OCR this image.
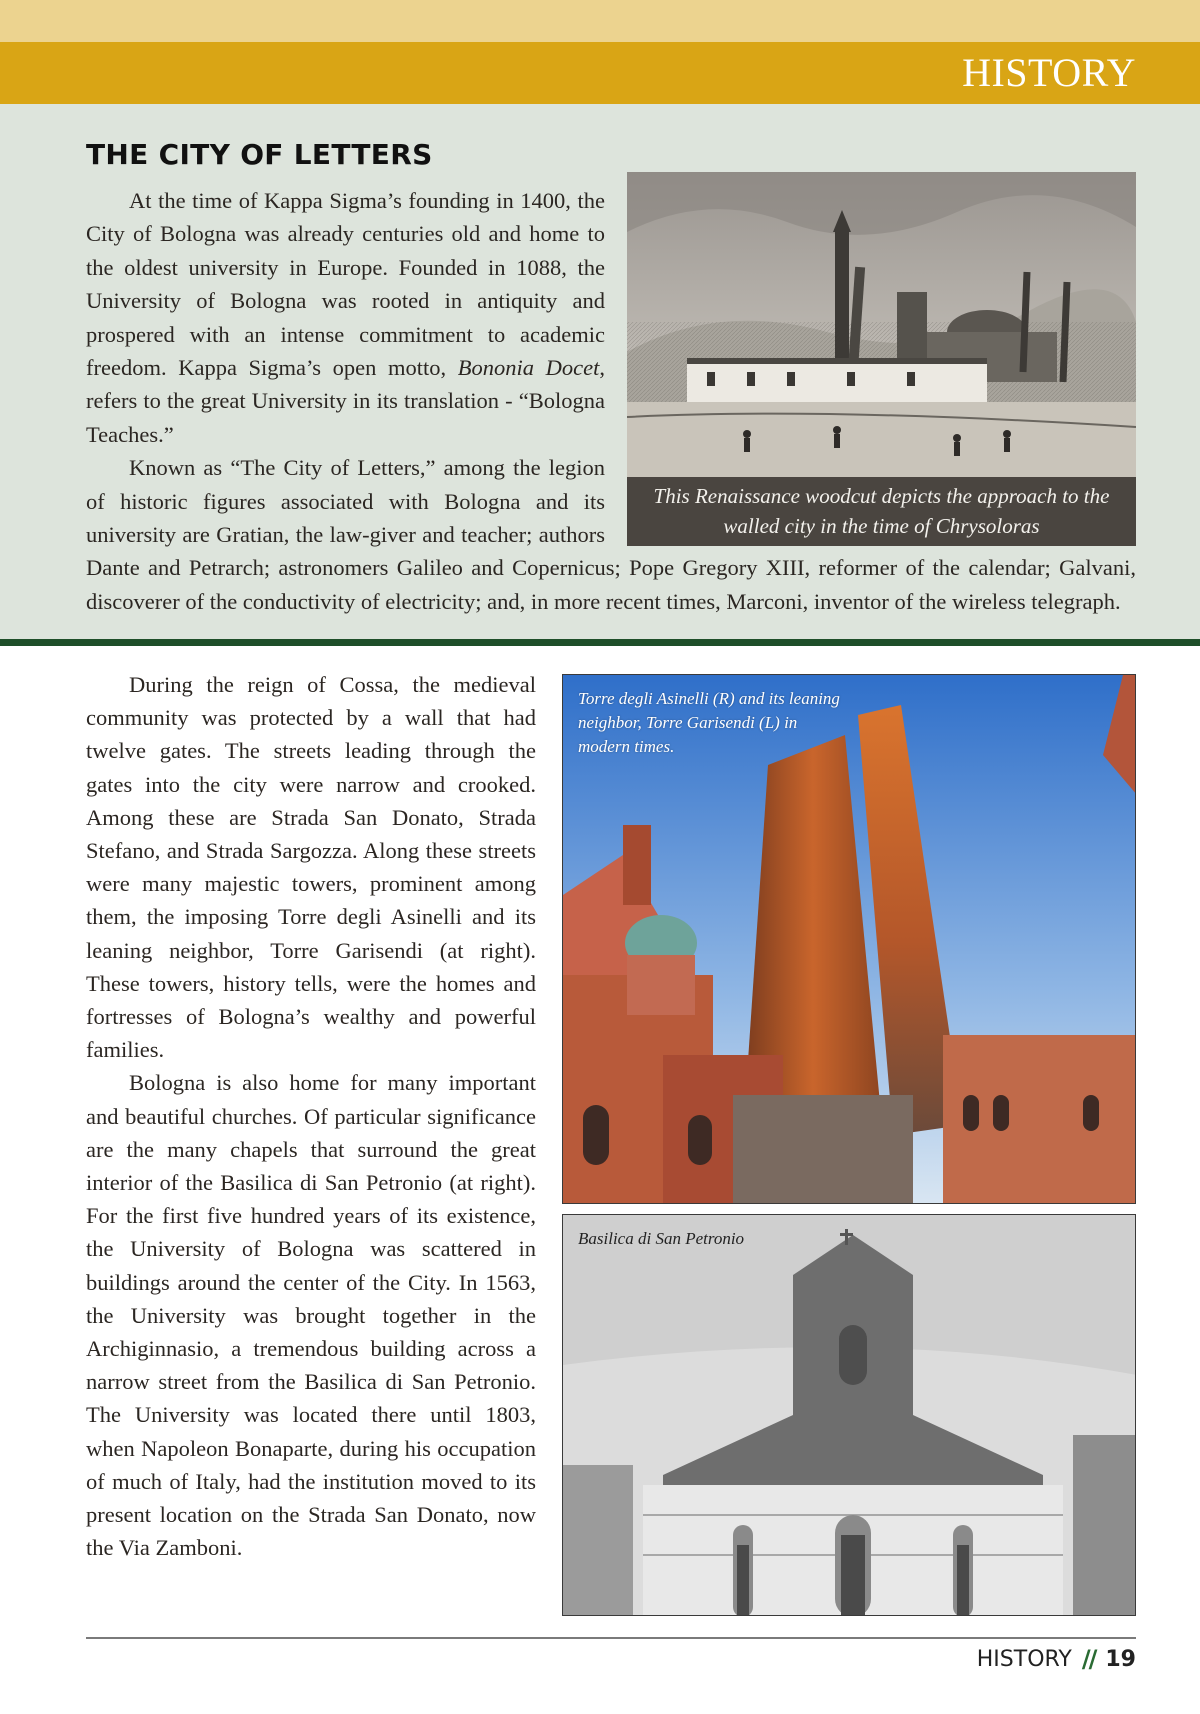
HISTORY
THE CITY OF LETTERS
This Renaissance woodcut depicts the approach to the walled city in the time of Chrysoloras

At the time of Kappa Sigma’s founding in 1400, the City of Bologna was already centuries old and home to the oldest university in Europe. Founded in 1088, the University of Bologna was rooted in antiquity and prospered with an intense commitment to academic freedom. Kappa Sigma’s open motto, Bononia Docet, refers to the great University in its translation - “Bologna Teaches.”

Known as “The City of Letters,” among the legion of historic figures associated with Bologna and its university are Gratian, the law-giver and teacher; authors Dante and Petrarch; astronomers Galileo and Copernicus; Pope Gregory XIII, reformer of the calendar; Galvani, discoverer of the conductivity of electricity; and, in more recent times, Marconi, inventor of the wireless telegraph.

During the reign of Cossa, the medieval community was protected by a wall that had twelve gates. The streets leading through the gates into the city were narrow and crooked. Among these are Strada San Donato, Strada Stefano, and Strada Sargozza. Along these streets were many majestic towers, prominent among them, the imposing Torre degli Asinelli and its leaning neighbor, Torre Garisendi (at right). These towers, history tells, were the homes and fortresses of Bologna’s wealthy and powerful families.

Bologna is also home for many important and beautiful churches. Of particular significance are the many chapels that surround the great interior of the Basilica di San Petronio (at right). For the first five hundred years of its existence, the University of Bologna was scattered in buildings around the center of the City. In 1563, the University was brought together in the Archiginnasio, a tremendous building across a narrow street from the Basilica di San Petronio. The University was located there until 1803, when Napoleon Bonaparte, during his occupation of much of Italy, had the institution moved to its present location on the Strada San Donato, now the Via Zamboni.

Torre degli Asinelli (R) and its leaning neighbor, Torre Garisendi (L) in modern times.
Basilica di San Petronio
HISTORY // 19
